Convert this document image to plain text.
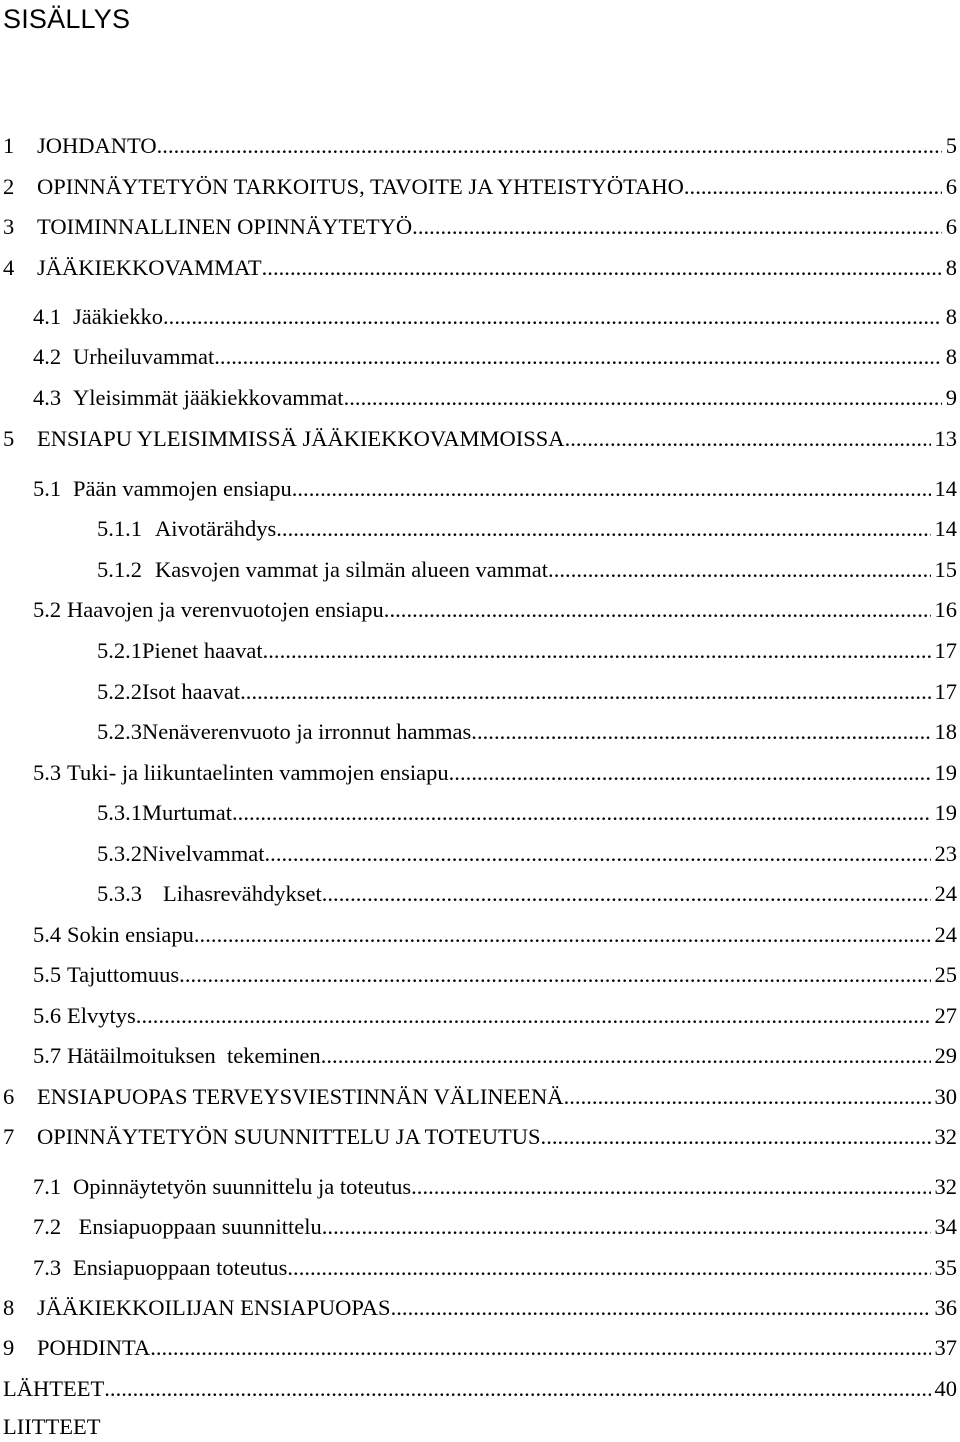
SISÄLLYS
1	JOHDANTO .....	5
2	OPINNÄYTETYÖN TARKOITUS, TAVOITE JA YHTEISTYÖTAHO .....	6
3	TOIMINNALLINEN OPINNÄYTETYÖ .....	6
4	JÄÄKIEKKOVAMMAT .....	8
4.1 Jääkiekko .....	8
4.2 Urheiluvammat .....	8
4.3 Yleisimmät jääkiekkovammat .....	9
5	ENSIAPU YLEISIMMISSÄ JÄÄKIEKKOVAMMOISSA .....	13
5.1 Pään vammojen ensiapu .....	14
5.1.1 Aivotärähdys .....	14
5.1.2 Kasvojen vammat ja silmän alueen vammat .....	15
5.2 Haavojen ja verenvuotojen ensiapu .....	16
5.2.1 Pienet haavat .....	17
5.2.2 Isot haavat .....	17
5.2.3 Nenäverenvuoto ja irronnut hammas .....	18
5.3 Tuki- ja liikuntaelinten vammojen ensiapu .....	19
5.3.1 Murtumat .....	19
5.3.2 Nivelvammat .....	23
5.3.3 Lihasrevähdykset .....	24
5.4 Sokin ensiapu .....	24
5.5 Tajuttomuus .....	25
5.6 Elvytys .....	27
5.7 Hätäilmoituksen  tekeminen .....	29
6	ENSIAPUOPAS TERVEYSVIESTINNÄN VÄLINEENÄ .....	30
7	OPINNÄYTETYÖN SUUNNITTELU JA TOTEUTUS .....	32
7.1 Opinnäytetyön suunnittelu ja toteutus .....	32
7.2 Ensiapuoppaan suunnittelu .....	34
7.3 Ensiapuoppaan toteutus .....	35
8	JÄÄKIEKKOILIJAN ENSIAPUOPAS .....	36
9	POHDINTA .....	37
LÄHTEET .....	40
LIITTEET
